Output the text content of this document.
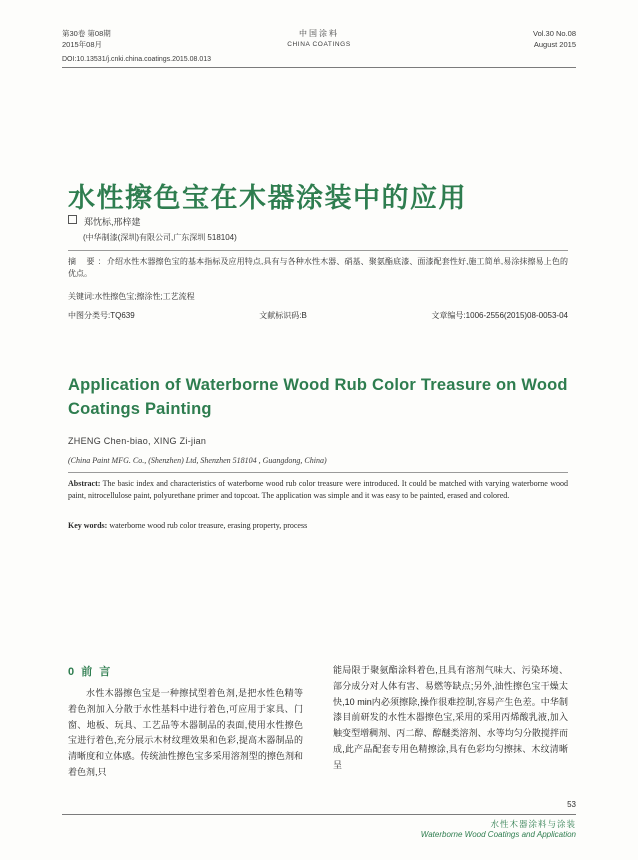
第30卷 第08期
2015年08月
中国涂料
CHINA COATINGS
Vol.30 No.08
August 2015
DOI:10.13531/j.cnki.china.coatings.2015.08.013
水性擦色宝在木器涂装中的应用
郑忱标,邢梓建
(中华制漆(深圳)有限公司,广东深圳 518104)
摘 要: 介绍水性木器擦色宝的基本指标及应用特点,具有与各种水性木器、硝基、聚氨酯底漆、面漆配套性好,施工简单,易涂抹擦易上色的优点。
关键词:水性擦色宝;擦涂性;工艺流程
中图分类号:TQ639	文献标识码:B	文章编号:1006-2556(2015)08-0053-04
Application of Waterborne Wood Rub Color Treasure on Wood Coatings Painting
ZHENG Chen-biao, XING Zi-jian
(China Paint MFG. Co., (Shenzhen) Ltd, Shenzhen 518104 , Guangdong, China)
Abstract: The basic index and characteristics of waterborne wood rub color treasure were introduced. It could be matched with varying waterborne wood paint, nitrocellulose paint, polyurethane primer and topcoat. The application was simple and it was easy to be painted, erased and colored.
Key words: waterborne wood rub color treasure, erasing property, process
0 前 言

水性木器擦色宝是一种擦拭型着色剂,是把水性色精等着色剂加入分散于水性基料中进行着色,可应用于家具、门窗、地板、玩具、工艺品等木器制品的表面,使用水性擦色宝进行着色,充分展示木材纹理效果和色彩,提高木器制品的清晰度和立体感。传统油性擦色宝多采用溶剂型的擦色剂和着色剂,只

能局限于聚氨酯涂料着色,且具有溶剂气味大、污染环境、部分成分对人体有害、易燃等缺点;另外,油性擦色宝干燥太快,10 min内必须擦除,操作很难控制,容易产生色差。中华制漆目前研发的水性木器擦色宝,采用的采用丙烯酸乳液,加入触变型增稠剂、丙二醇、醇醚类溶剂、水等均匀分散搅拌而成,此产品配套专用色精擦涂,具有色彩均匀擦抹、木纹清晰呈

53
水性木器涂料与涂装
Waterborne Wood Coatings and Application
